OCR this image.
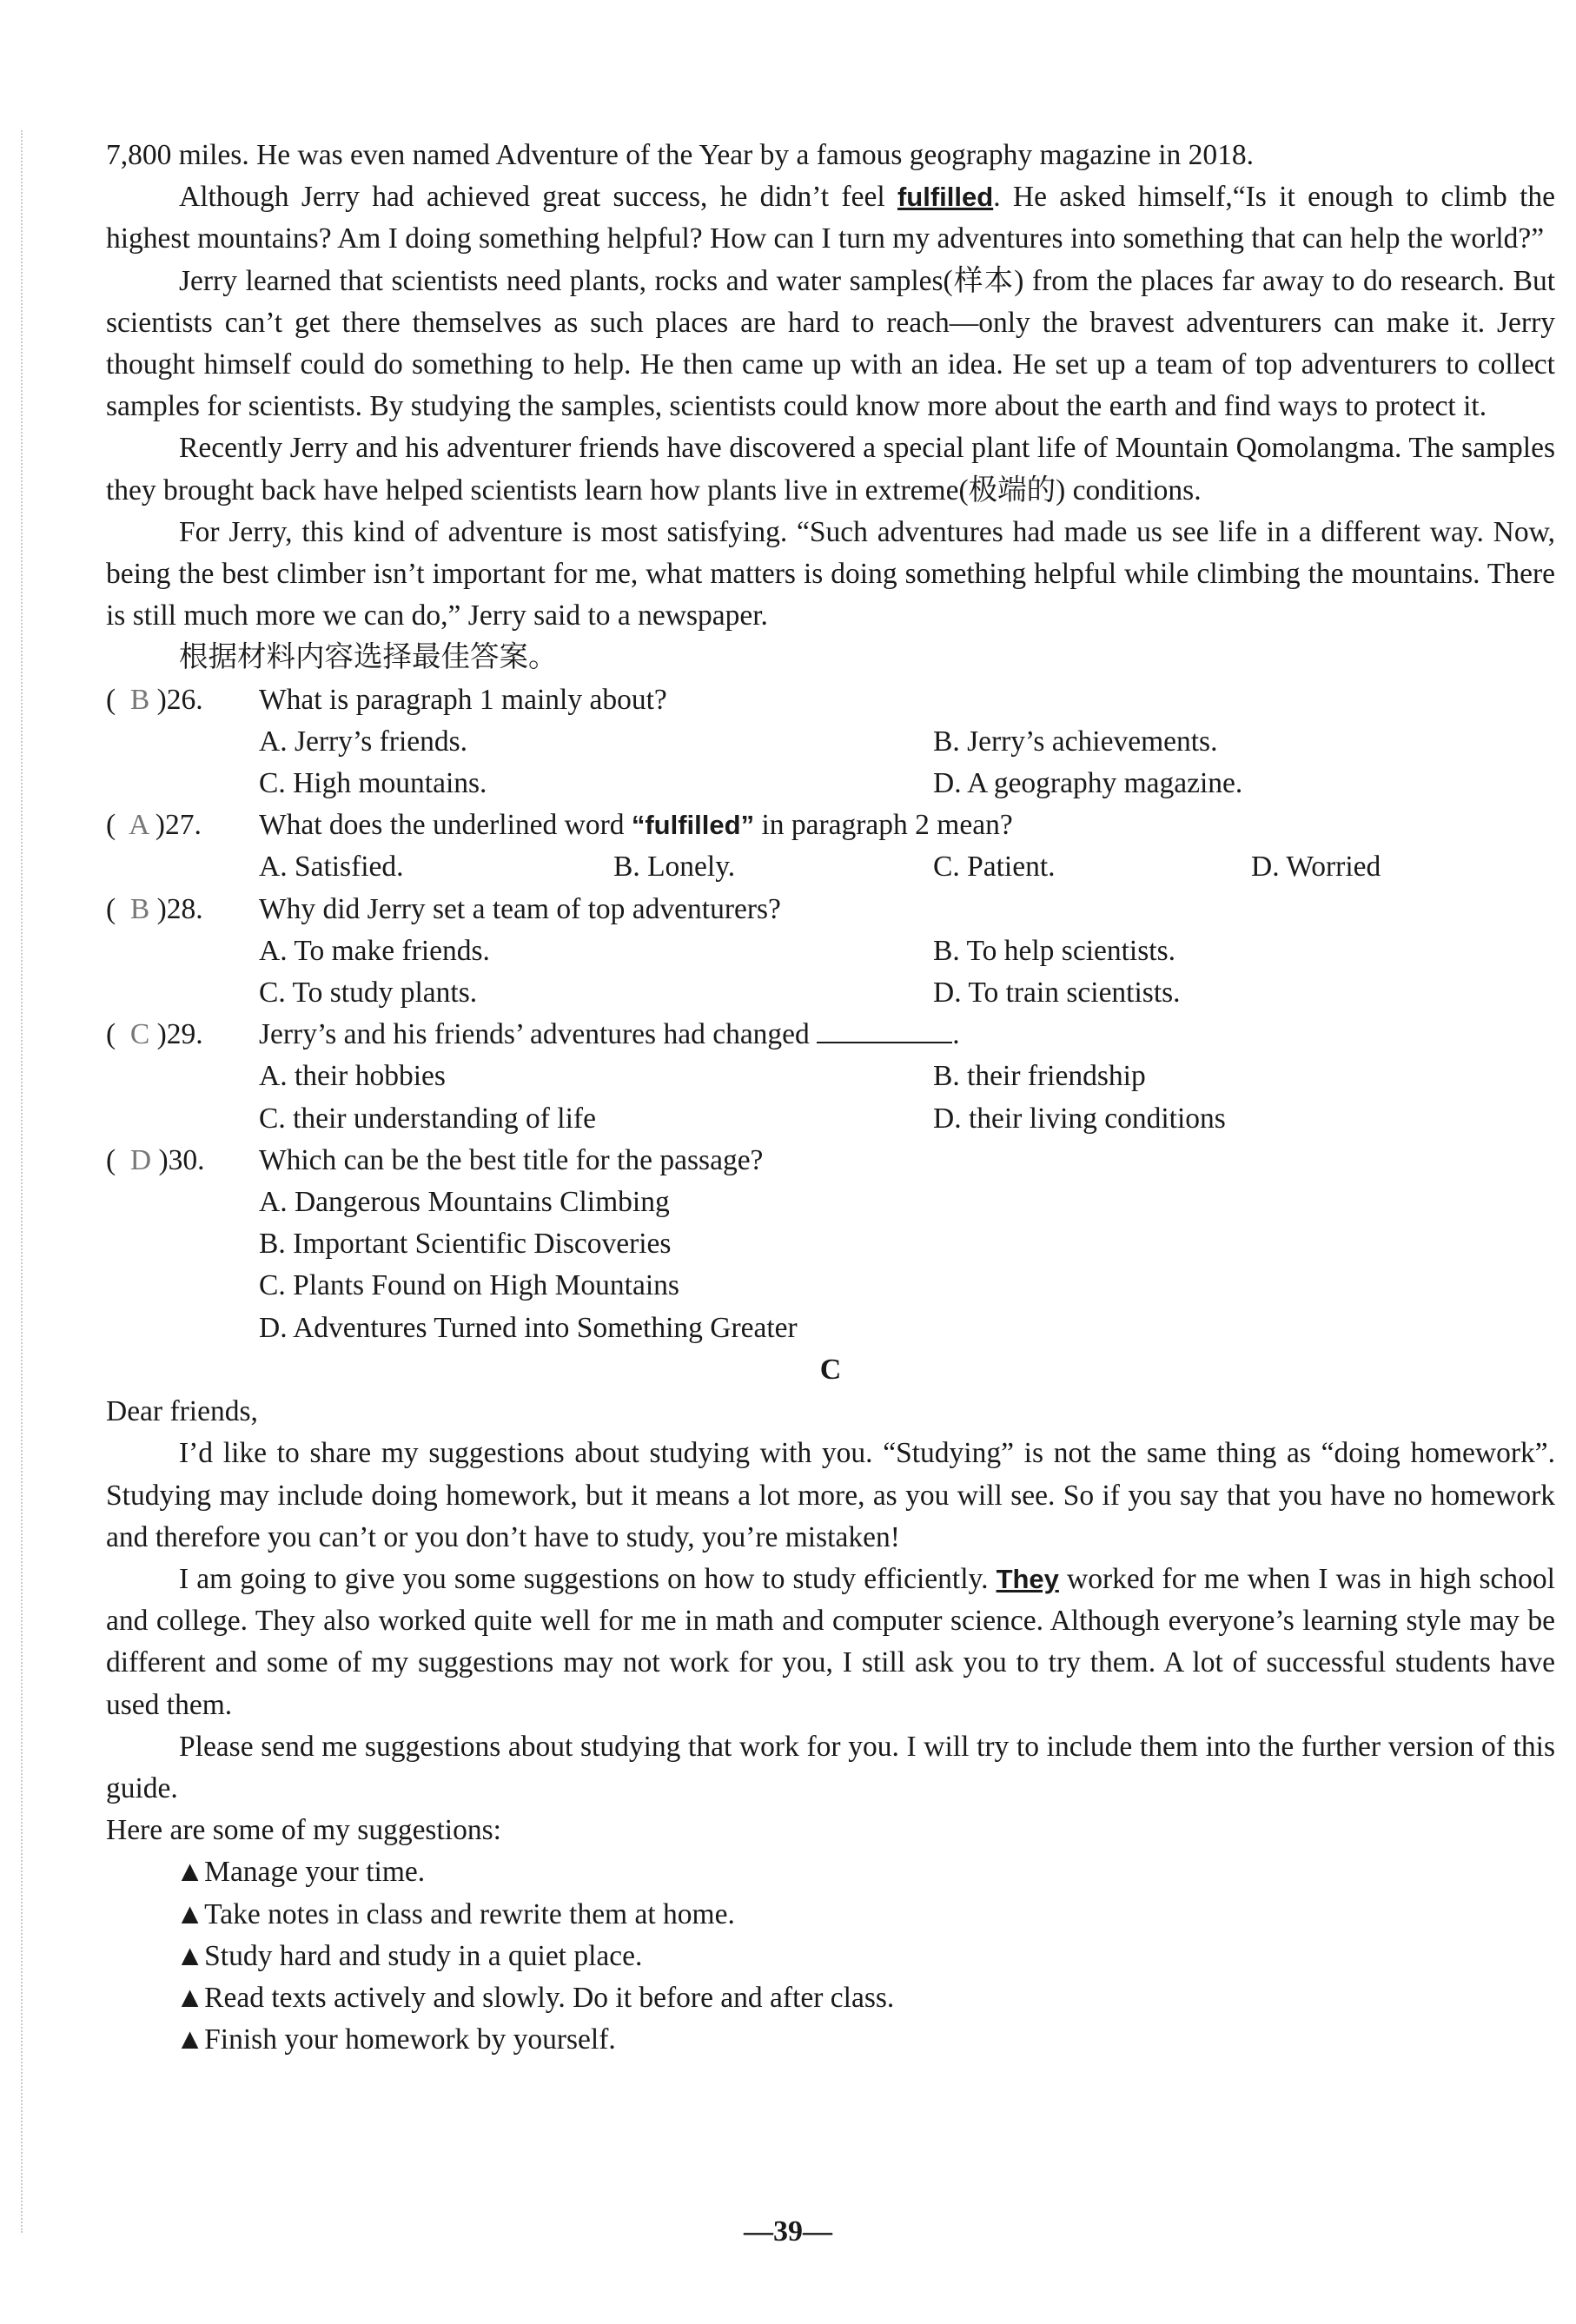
7,800 miles. He was even named Adventure of the Year by a famous geography magazine in 2018.

Although Jerry had achieved great success, he didn’t feel fulfilled. He asked himself,“Is it enough to climb the highest mountains? Am I doing something helpful? How can I turn my adventures into something that can help the world?”

Jerry learned that scientists need plants, rocks and water samples(样本) from the places far away to do research. But scientists can’t get there themselves as such places are hard to reach—only the bravest adventurers can make it. Jerry thought himself could do something to help. He then came up with an idea. He set up a team of top adventurers to collect samples for scientists. By studying the samples, scientists could know more about the earth and find ways to protect it.

Recently Jerry and his adventurer friends have discovered a special plant life of Mountain Qomolangma. The samples they brought back have helped scientists learn how plants live in extreme(极端的) conditions.

For Jerry, this kind of adventure is most satisfying. “Such adventures had made us see life in a different way. Now, being the best climber isn’t important for me, what matters is doing something helpful while climbing the mountains. There is still much more we can do,” Jerry said to a newspaper.

根据材料内容选择最佳答案。

( B )26.	What is paragraph 1 mainly about?
A. Jerry’s friends.	B. Jerry’s achievements.
C. High mountains.	D. A geography magazine.
( A )27.	What does the underlined word “fulfilled” in paragraph 2 mean?
A. Satisfied.	B. Lonely.	C. Patient.	D. Worried
( B )28.	Why did Jerry set a team of top adventurers?
A. To make friends.	B. To help scientists.
C. To study plants.	D. To train scientists.
( C )29.	Jerry’s and his friends’ adventures had changed	.
A. their hobbies	B. their friendship
C. their understanding of life	D. their living conditions
( D )30.	Which can be the best title for the passage?
A. Dangerous Mountains Climbing
B. Important Scientific Discoveries
C. Plants Found on High Mountains
D. Adventures Turned into Something Greater
C

Dear friends,

I’d like to share my suggestions about studying with you. “Studying” is not the same thing as “doing homework”. Studying may include doing homework, but it means a lot more, as you will see. So if you say that you have no homework and therefore you can’t or you don’t have to study, you’re mistaken!

I am going to give you some suggestions on how to study efficiently. They worked for me when I was in high school and college. They also worked quite well for me in math and computer science. Although everyone’s learning style may be different and some of my suggestions may not work for you, I still ask you to try them. A lot of successful students have used them.

Please send me suggestions about studying that work for you. I will try to include them into the further version of this guide.

Here are some of my suggestions:

▲Manage your time.
▲Take notes in class and rewrite them at home.
▲Study hard and study in a quiet place.
▲Read texts actively and slowly. Do it before and after class.
▲Finish your homework by yourself.
—39—
